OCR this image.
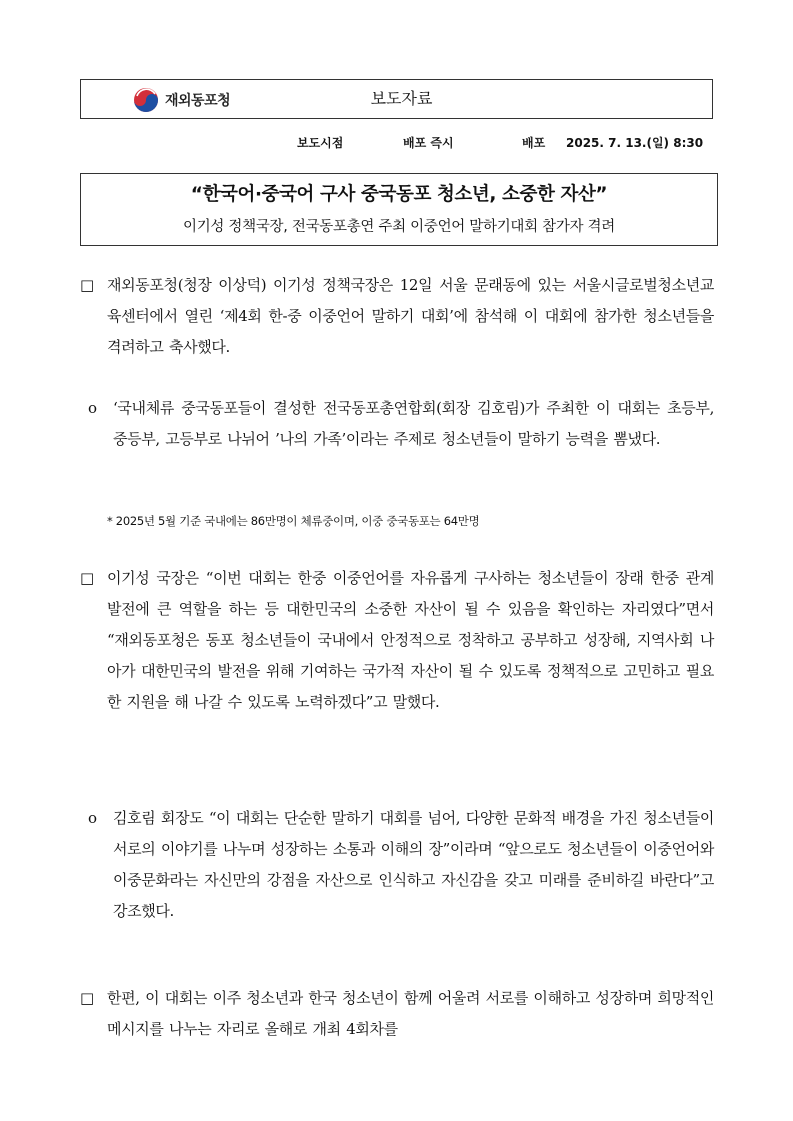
재외동포청	보도자료
보도시점	배포 즉시	배포 2025. 7. 13.(일) 8:30
“한국어·중국어 구사 중국동포 청소년, 소중한 자산”
이기성 정책국장, 전국동포총연 주최 이중언어 말하기대회 참가자 격려
□ 재외동포청(청장 이상덕) 이기성 정책국장은 12일 서울 문래동에 있는 서울시글로벌청소년교육센터에서 열린 ‘제4회 한-중 이중언어 말하기 대회’에 참석해 이 대회에 참가한 청소년들을 격려하고 축사했다.
ο ‘국내체류 중국동포들이 결성한 전국동포총연합회(회장 김호림)가 주최한 이 대회는 초등부, 중등부, 고등부로 나뉘어 ’나의 가족’이라는 주제로 청소년들이 말하기 능력을 뽐냈다.
* 2025년 5월 기준 국내에는 86만명이 체류중이며, 이중 중국동포는 64만명
□ 이기성 국장은 “이번 대회는 한중 이중언어를 자유롭게 구사하는 청소년들이 장래 한중 관계 발전에 큰 역할을 하는 등 대한민국의 소중한 자산이 될 수 있음을 확인하는 자리였다”면서 “재외동포청은 동포 청소년들이 국내에서 안정적으로 정착하고 공부하고 성장해, 지역사회 나아가 대한민국의 발전을 위해 기여하는 국가적 자산이 될 수 있도록 정책적으로 고민하고 필요한 지원을 해 나갈 수 있도록 노력하겠다”고 말했다.
ο 김호림 회장도 “이 대회는 단순한 말하기 대회를 넘어, 다양한 문화적 배경을 가진 청소년들이 서로의 이야기를 나누며 성장하는 소통과 이해의 장”이라며 “앞으로도 청소년들이 이중언어와 이중문화라는 자신만의 강점을 자산으로 인식하고 자신감을 갖고 미래를 준비하길 바란다”고 강조했다.
□ 한편, 이 대회는 이주 청소년과 한국 청소년이 함께 어울려 서로를 이해하고 성장하며 희망적인 메시지를 나누는 자리로 올해로 개최 4회차를
